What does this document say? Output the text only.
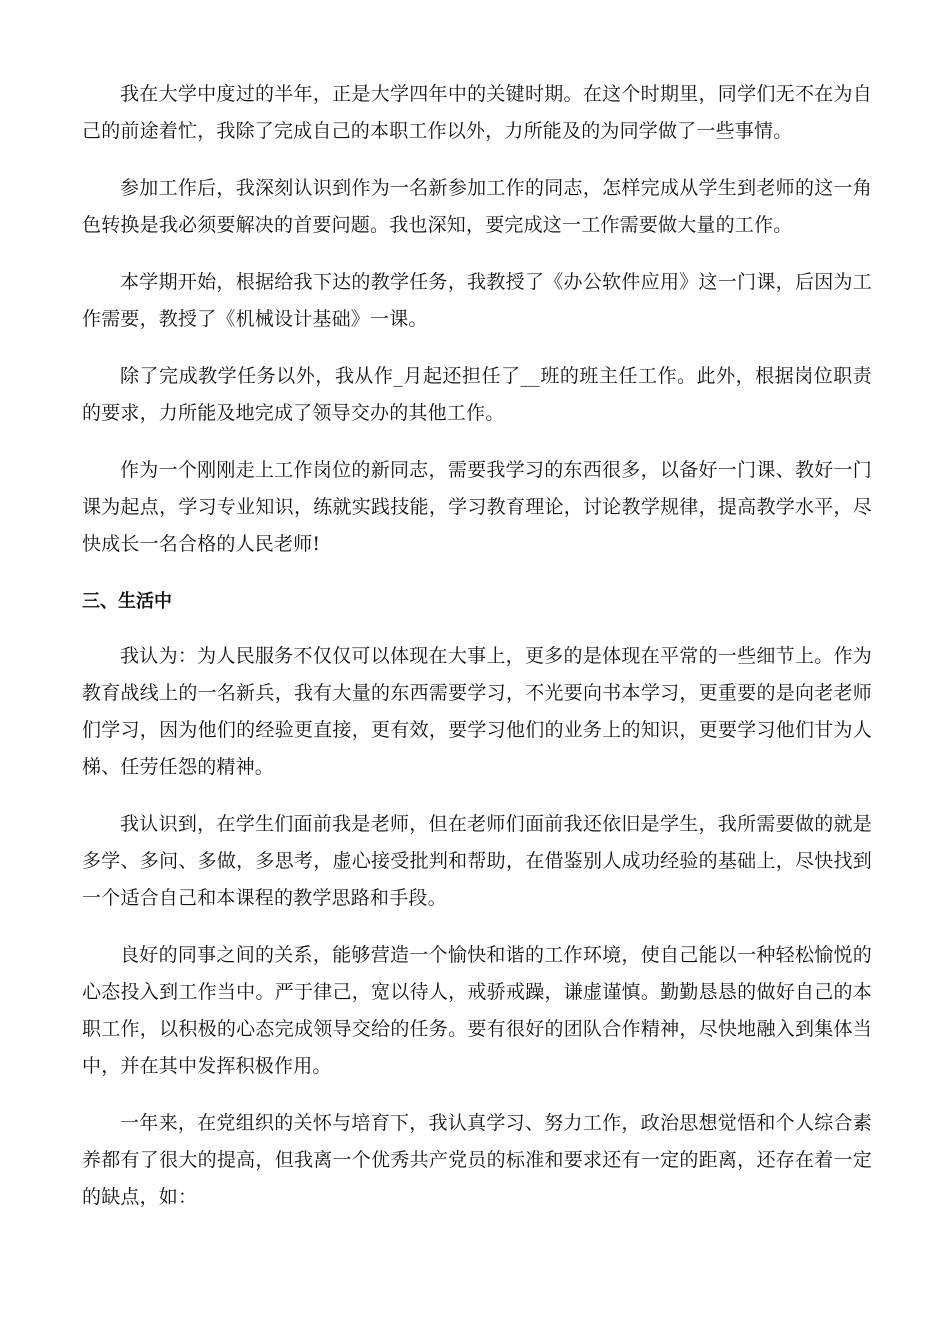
我在大学中度过的半年，正是大学四年中的关键时期。在这个时期里，同学们无不在为自己的前途着忙，我除了完成自己的本职工作以外，力所能及的为同学做了一些事情。

参加工作后，我深刻认识到作为一名新参加工作的同志，怎样完成从学生到老师的这一角色转换是我必须要解决的首要问题。我也深知，要完成这一工作需要做大量的工作。

本学期开始，根据给我下达的教学任务，我教授了《办公软件应用》这一门课，后因为工作需要，教授了《机械设计基础》一课。

除了完成教学任务以外，我从作_月起还担任了__班的班主任工作。此外，根据岗位职责的要求，力所能及地完成了领导交办的其他工作。

作为一个刚刚走上工作岗位的新同志，需要我学习的东西很多，以备好一门课、教好一门课为起点，学习专业知识，练就实践技能，学习教育理论，讨论教学规律，提高教学水平，尽快成长一名合格的人民老师!

三、生活中

我认为：为人民服务不仅仅可以体现在大事上，更多的是体现在平常的一些细节上。作为教育战线上的一名新兵，我有大量的东西需要学习，不光要向书本学习，更重要的是向老老师们学习，因为他们的经验更直接，更有效，要学习他们的业务上的知识，更要学习他们甘为人梯、任劳任怨的精神。

我认识到，在学生们面前我是老师，但在老师们面前我还依旧是学生，我所需要做的就是多学、多问、多做，多思考，虚心接受批判和帮助，在借鉴别人成功经验的基础上，尽快找到一个适合自己和本课程的教学思路和手段。

良好的同事之间的关系，能够营造一个愉快和谐的工作环境，使自己能以一种轻松愉悦的心态投入到工作当中。严于律己，宽以待人，戒骄戒躁，谦虚谨慎。勤勤恳恳的做好自己的本职工作，以积极的心态完成领导交给的任务。要有很好的团队合作精神，尽快地融入到集体当中，并在其中发挥积极作用。

一年来，在党组织的关怀与培育下，我认真学习、努力工作，政治思想觉悟和个人综合素养都有了很大的提高，但我离一个优秀共产党员的标准和要求还有一定的距离，还存在着一定的缺点，如：
